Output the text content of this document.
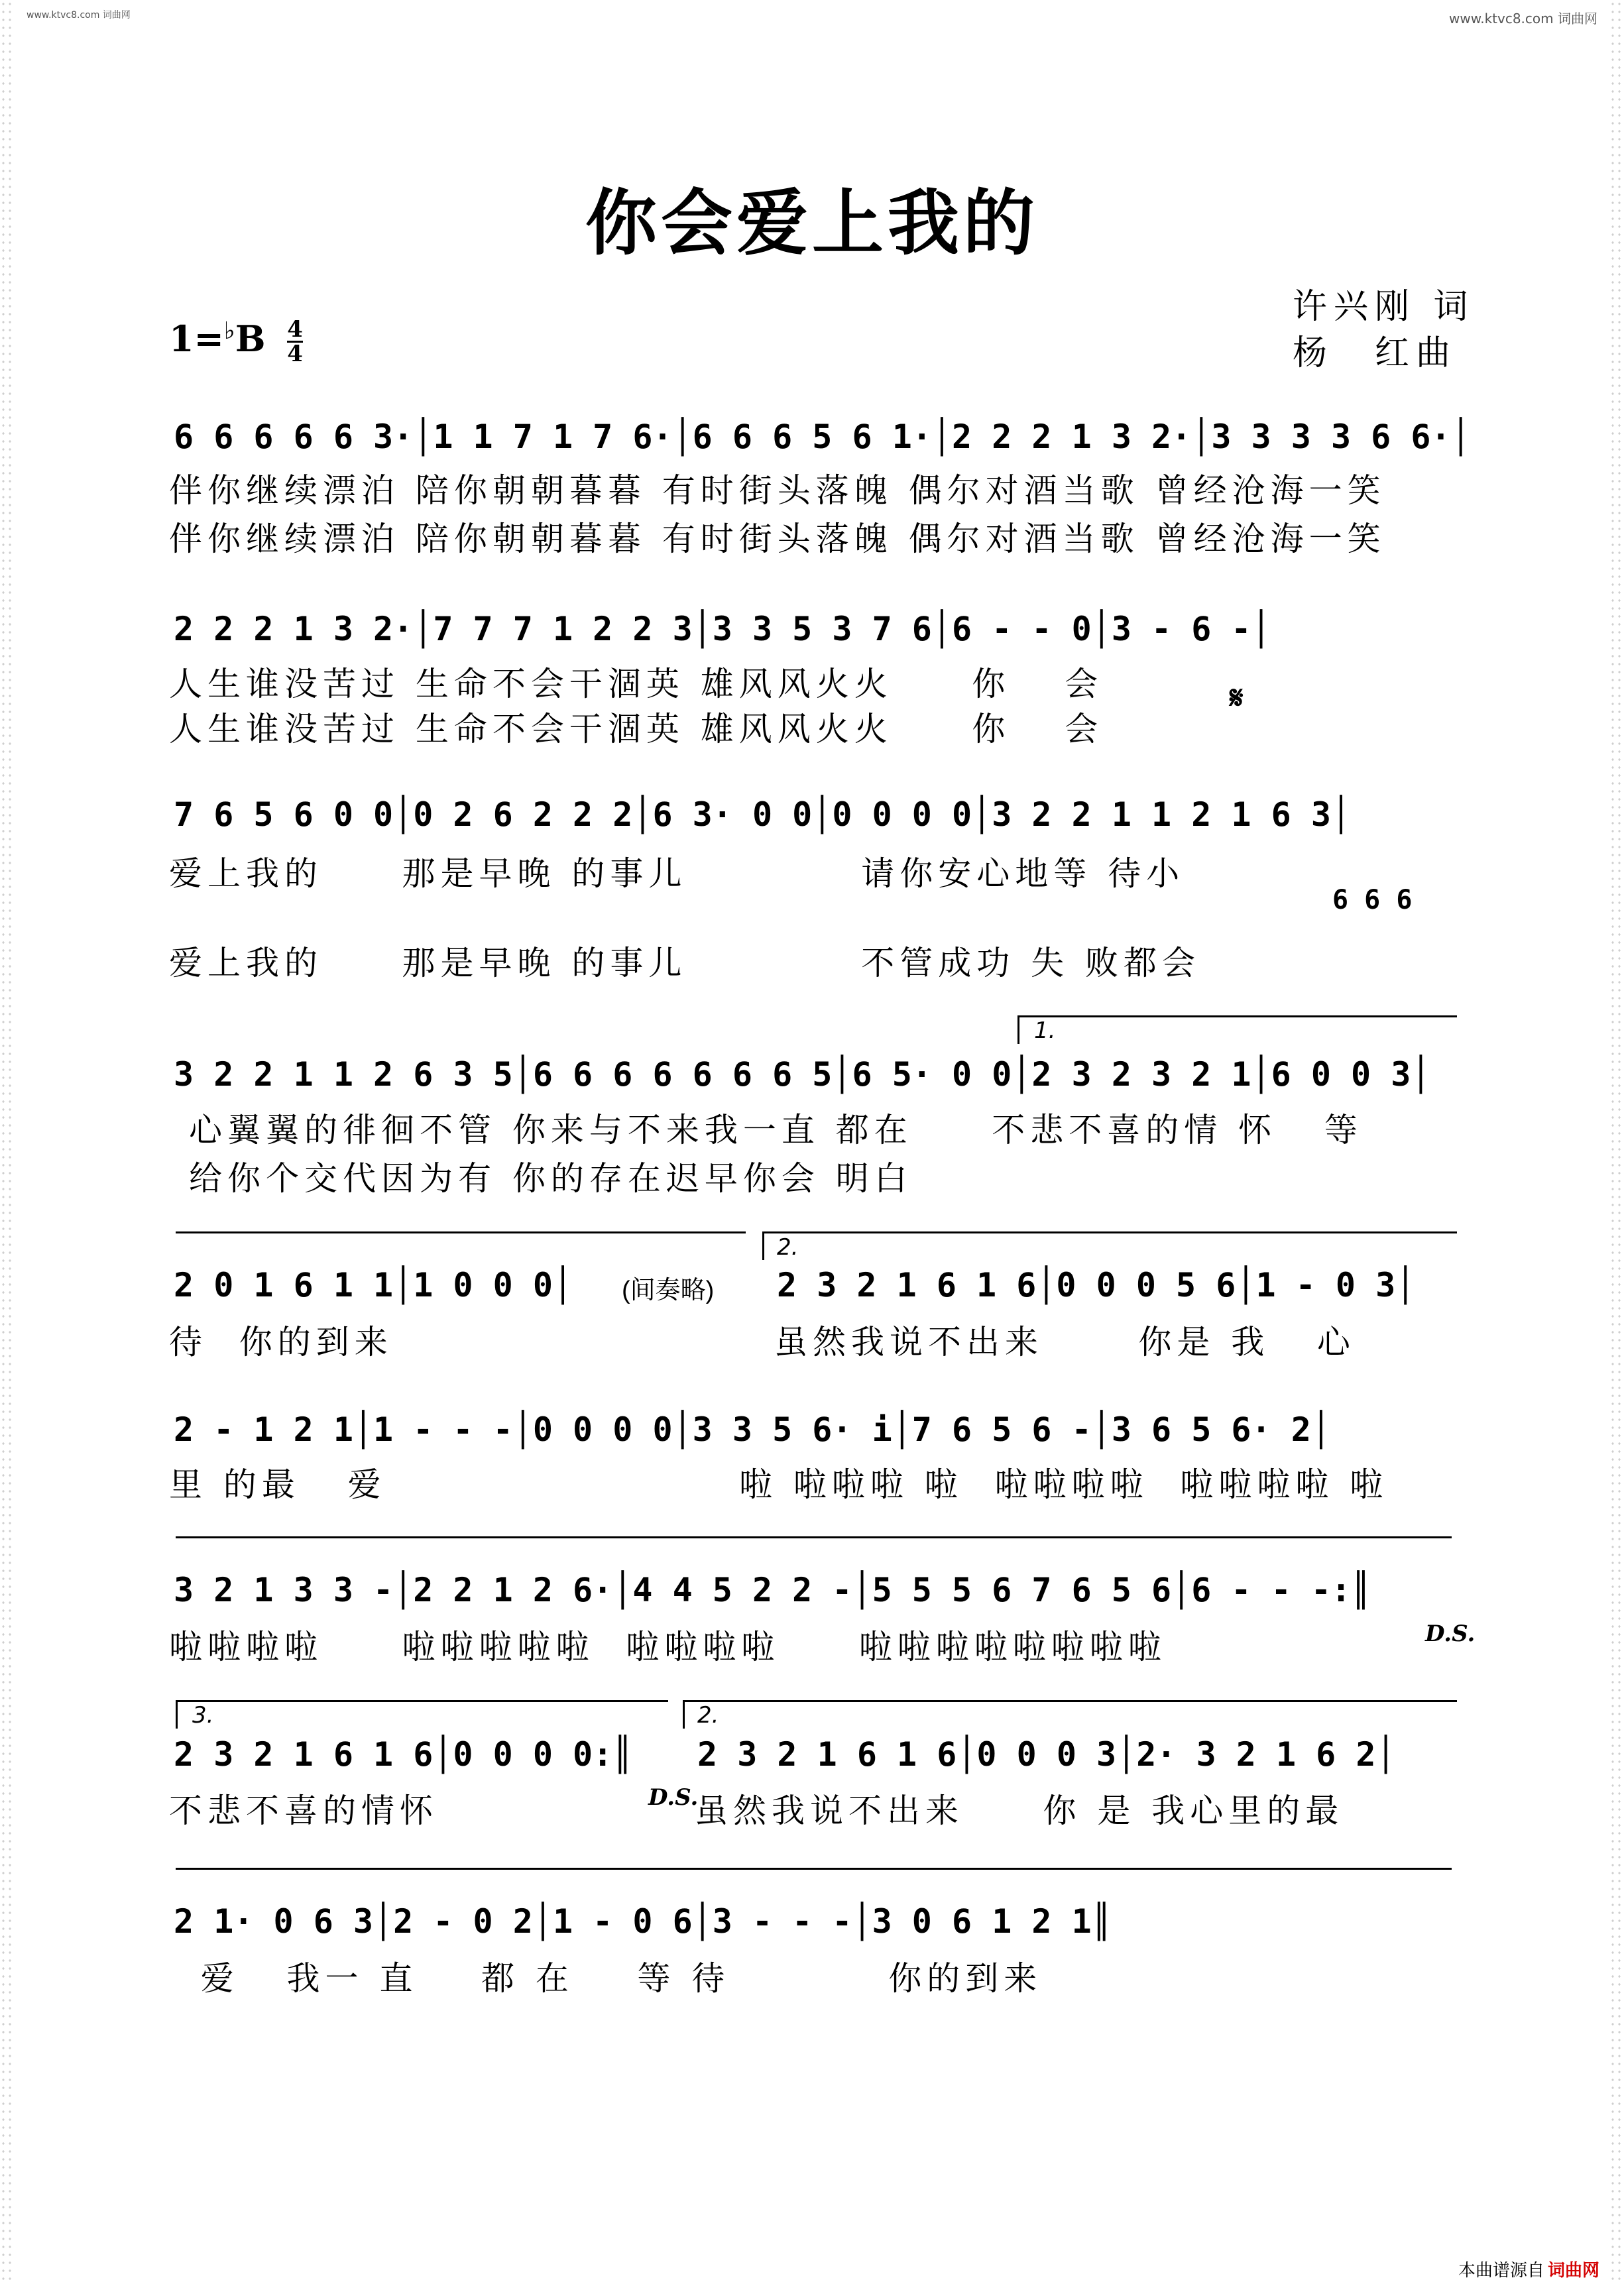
www.ktvc8.com 词曲网	www.ktvc8.com 词曲网
你会爱上我的
许兴刚 词
杨　红曲
$1=^♭B \frac{4}{4}$
6 6 6 6 6 3·│1 1 7 1 7 6·│6 6 6 5 6 1·│2 2 2 1 3 2·│3 3 3 3 6 6·│
伴你继续漂泊 陪你朝朝暮暮 有时街头落魄 偶尔对酒当歌 曾经沧海一笑
伴你继续漂泊 陪你朝朝暮暮 有时街头落魄 偶尔对酒当歌 曾经沧海一笑
2 2 2 1 3 2·│7 7 7 1 2 2 3│3 3 5 3 7 6│6 - - 0│3 - 6 -│
人生谁没苦过 生命不会干涸英 雄风风火火     你　 会
人生谁没苦过 生命不会干涸英 雄风风火火     你　 会
𝄋
7 6 5 6 0 0│0 2 6 2 2 2│6 3· 0 0│0 0 0 0│3 2 2 1 1 2 1 6 3│
爱上我的     那是早晚 的事儿           请你安心地等 待小
6 6 6
爱上我的     那是早晚 的事儿           不管成功 失 败都会
1.
3 2 2 1 1 2 6 3 5│6 6 6 6 6 6 6 5│6 5· 0 0│2 3 2 3 2 1│6 0 0 3│
心翼翼的徘徊不管 你来与不来我一直 都在     不悲不喜的情 怀   等
给你个交代因为有 你的存在迟早你会 明白
2.
2 0 1 6 1 1│1 0 0 0│ (间奏略) 2 3 2 1 6 1 6│0 0 0 5 6│1 - 0 3│
待  你的到来	虽然我说不出来      你是 我   心
2 - 1 2 1│1 - - -│0 0 0 0│3 3 5 6· i│7 6 5 6 -│3 6 5 6· 2│
里 的最   爱	啦 啦啦啦 啦  啦啦啦啦  啦啦啦啦 啦
3 2 1 3 3 -│2 2 1 2 6·│4 4 5 2 2 -│5 5 5 6 7 6 5 6│6 - - -:║
啦啦啦啦     啦啦啦啦啦  啦啦啦啦     啦啦啦啦啦啦啦啦	D.S.
3.	2.
2 3 2 1 6 1 6│0 0 0 0:║ 2 3 2 1 6 1 6│0 0 0 3│2· 3 2 1 6 2│
不悲不喜的情怀	D.S.
虽然我说不出来     你 是 我心里的最
2 1· 0 6 3│2 - 0 2│1 - 0 6│3 - - -│3 0 6 1 2 1║
爱   我一 直    都 在    等 待          你的到来
本曲谱源自 词曲网
